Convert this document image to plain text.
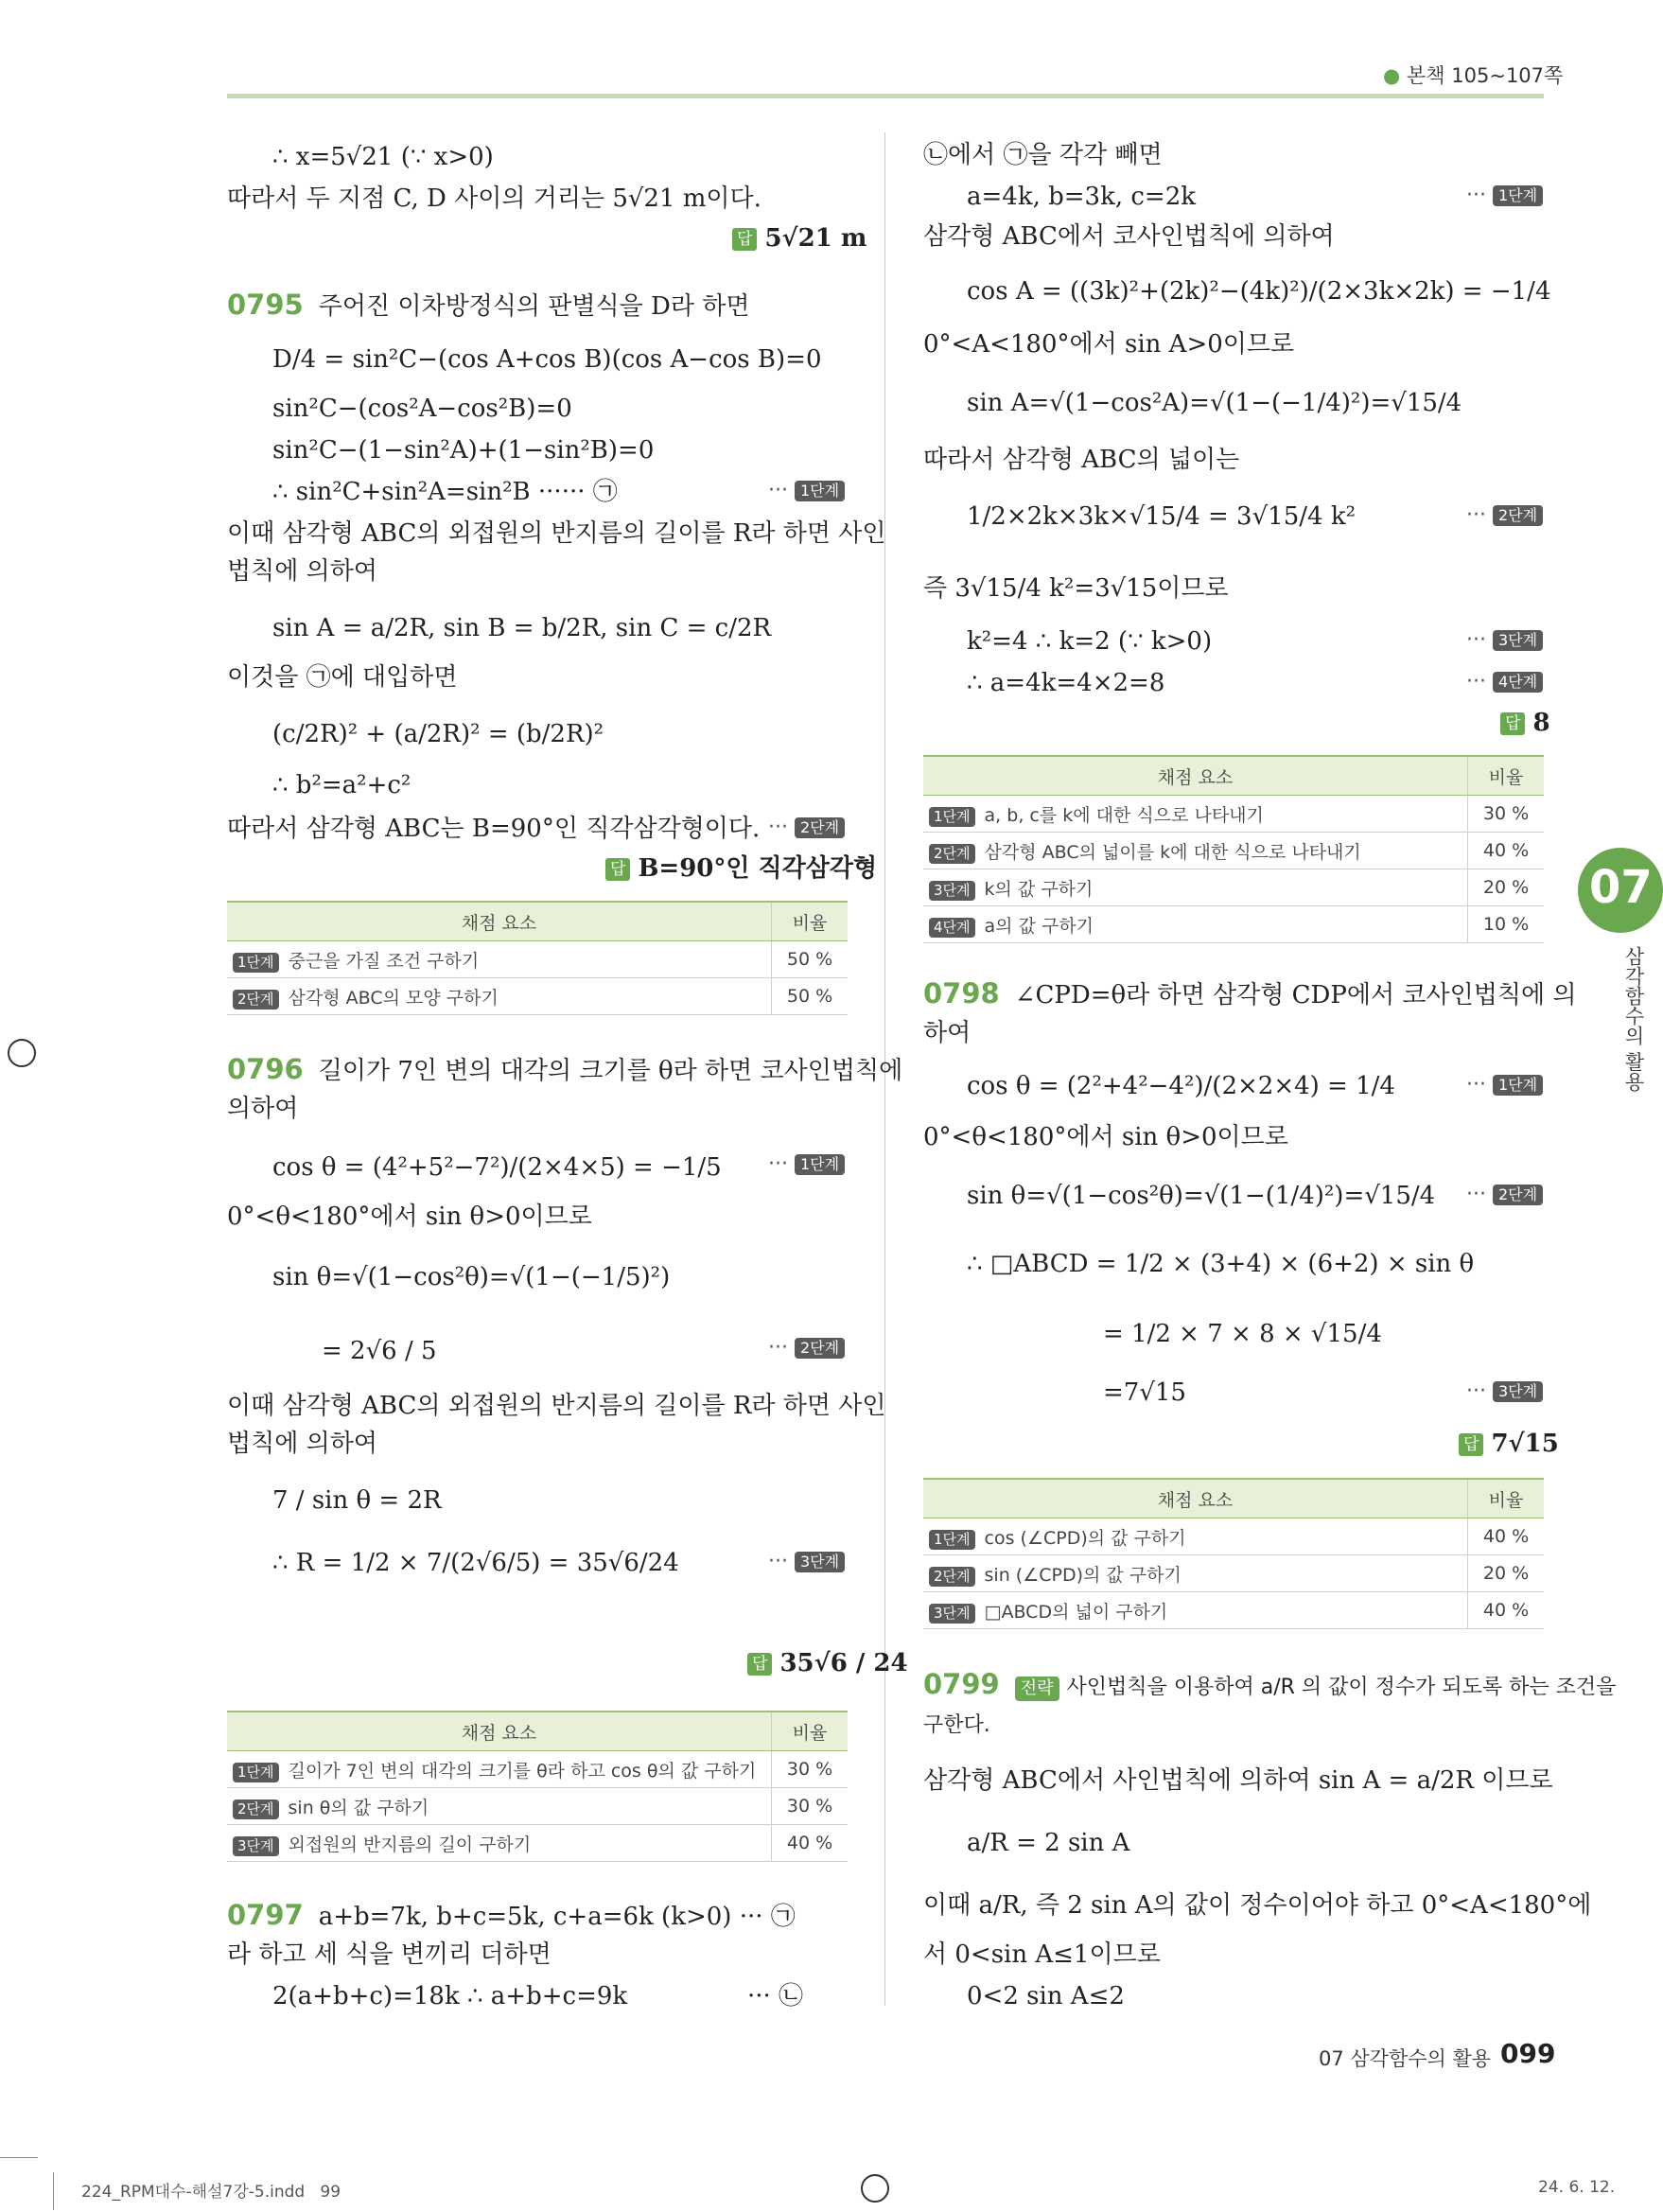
● 본책 105~107쪽
07
삼각함수의 활용
∴ x=5√21 (∵ x>0)
따라서 두 지점 C, D 사이의 거리는 5√21 m이다.
답 5√21 m
0795 주어진 이차방정식의 판별식을 D라 하면
D/4 = sin²C−(cos A+cos B)(cos A−cos B)=0
sin²C−(cos²A−cos²B)=0
sin²C−(1−sin²A)+(1−sin²B)=0
∴ sin²C+sin²A=sin²B ······ ㉠	··· 1단계
이때 삼각형 ABC의 외접원의 반지름의 길이를 R라 하면 사인
법칙에 의하여
sin A = a/2R, sin B = b/2R, sin C = c/2R
이것을 ㉠에 대입하면
(c/2R)² + (a/2R)² = (b/2R)²
∴ b²=a²+c²
따라서 삼각형 ABC는 B=90°인 직각삼각형이다. ··· 2단계
답 B=90°인 직각삼각형
채점 요소	비율
1단계 중근을 가질 조건 구하기	50 %
2단계 삼각형 ABC의 모양 구하기	50 %
0796 길이가 7인 변의 대각의 크기를 θ라 하면 코사인법칙에
의하여
cos θ = (4²+5²−7²)/(2×4×5) = −1/5 ··· 1단계
0°<θ<180°에서 sin θ>0이므로
sin θ=√(1−cos²θ)=√(1−(−1/5)²)
= 2√6 / 5	··· 2단계
이때 삼각형 ABC의 외접원의 반지름의 길이를 R라 하면 사인
법칙에 의하여
7 / sin θ = 2R
∴ R = 1/2 × 7/(2√6/5) = 35√6/24	··· 3단계
답 35√6 / 24
채점 요소	비율
1단계 길이가 7인 변의 대각의 크기를 θ라 하고 cos θ의 값 구하기	30 %
2단계 sin θ의 값 구하기	30 %
3단계 외접원의 반지름의 길이 구하기	40 %
0797 a+b=7k, b+c=5k, c+a=6k (k>0) ··· ㉠
라 하고 세 식을 변끼리 더하면
2(a+b+c)=18k ∴ a+b+c=9k	··· ㉡
㉡에서 ㉠을 각각 빼면
a=4k, b=3k, c=2k	··· 1단계
삼각형 ABC에서 코사인법칙에 의하여
cos A = ((3k)²+(2k)²−(4k)²)/(2×3k×2k) = −1/4
0°<A<180°에서 sin A>0이므로
sin A=√(1−cos²A)=√(1−(−1/4)²)=√15/4
따라서 삼각형 ABC의 넓이는
1/2×2k×3k×√15/4 = 3√15/4 k²	··· 2단계
즉 3√15/4 k²=3√15이므로
k²=4 ∴ k=2 (∵ k>0)	··· 3단계
∴ a=4k=4×2=8	··· 4단계
답 8
채점 요소	비율
1단계 a, b, c를 k에 대한 식으로 나타내기	30 %
2단계 삼각형 ABC의 넓이를 k에 대한 식으로 나타내기	40 %
3단계 k의 값 구하기	20 %
4단계 a의 값 구하기	10 %
0798 ∠CPD=θ라 하면 삼각형 CDP에서 코사인법칙에 의
하여
cos θ = (2²+4²−4²)/(2×2×4) = 1/4	··· 1단계
0°<θ<180°에서 sin θ>0이므로
sin θ=√(1−cos²θ)=√(1−(1/4)²)=√15/4 ··· 2단계
∴ □ABCD = 1/2 × (3+4) × (6+2) × sin θ
= 1/2 × 7 × 8 × √15/4
=7√15	··· 3단계
답 7√15
채점 요소	비율
1단계 cos (∠CPD)의 값 구하기	40 %
2단계 sin (∠CPD)의 값 구하기	20 %
3단계 □ABCD의 넓이 구하기	40 %
0799 전략 사인법칙을 이용하여 a/R 의 값이 정수가 되도록 하는 조건을
구한다.
삼각형 ABC에서 사인법칙에 의하여 sin A = a/2R 이므로
a/R = 2 sin A
이때 a/R, 즉 2 sin A의 값이 정수이어야 하고 0°<A<180°에
서 0<sin A≤1이므로
0<2 sin A≤2
07 삼각함수의 활용 099
224_RPM대수-해설7강-5.indd   99	24. 6. 12.
